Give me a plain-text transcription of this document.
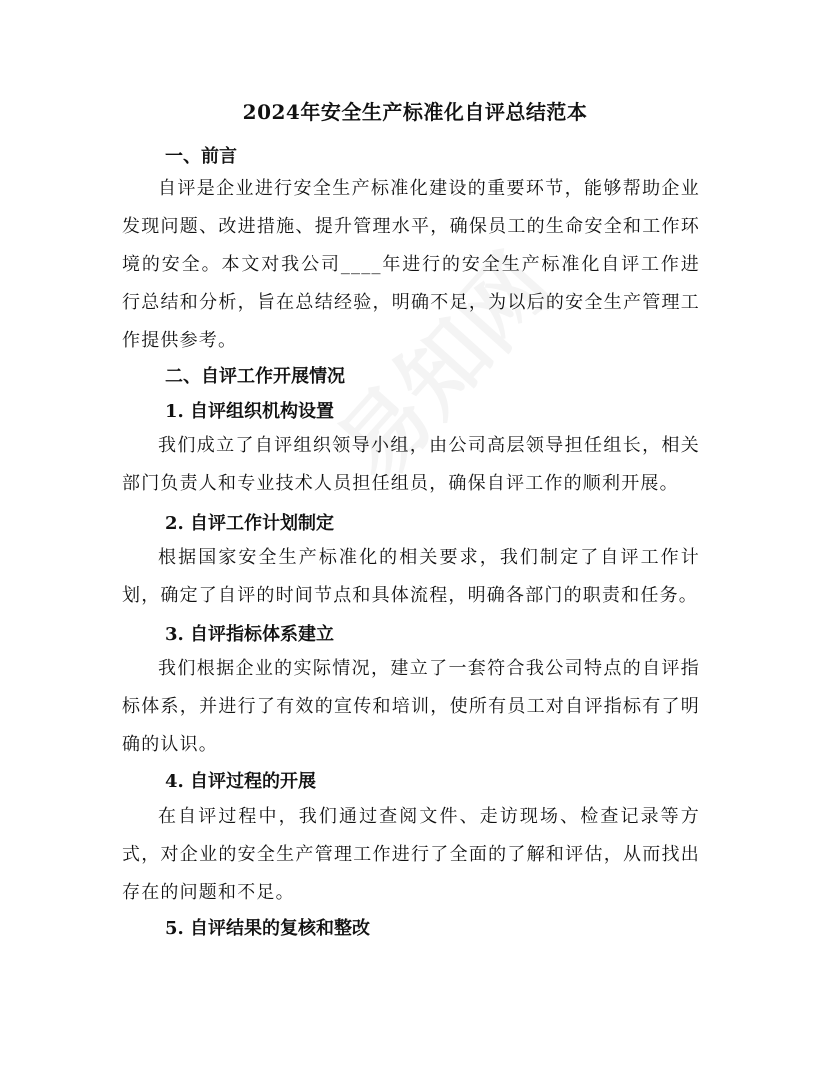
2024年安全生产标准化自评总结范本
一、前言

自评是企业进行安全生产标准化建设的重要环节，能够帮助企业发现问题、改进措施、提升管理水平，确保员工的生命安全和工作环境的安全。本文对我公司____年进行的安全生产标准化自评工作进行总结和分析，旨在总结经验，明确不足，为以后的安全生产管理工作提供参考。

二、自评工作开展情况
1. 自评组织机构设置

我们成立了自评组织领导小组，由公司高层领导担任组长，相关部门负责人和专业技术人员担任组员，确保自评工作的顺利开展。

2. 自评工作计划制定

根据国家安全生产标准化的相关要求，我们制定了自评工作计划，确定了自评的时间节点和具体流程，明确各部门的职责和任务。

3. 自评指标体系建立

我们根据企业的实际情况，建立了一套符合我公司特点的自评指标体系，并进行了有效的宣传和培训，使所有员工对自评指标有了明确的认识。

4. 自评过程的开展

在自评过程中，我们通过查阅文件、走访现场、检查记录等方式，对企业的安全生产管理工作进行了全面的了解和评估，从而找出存在的问题和不足。

5. 自评结果的复核和整改
